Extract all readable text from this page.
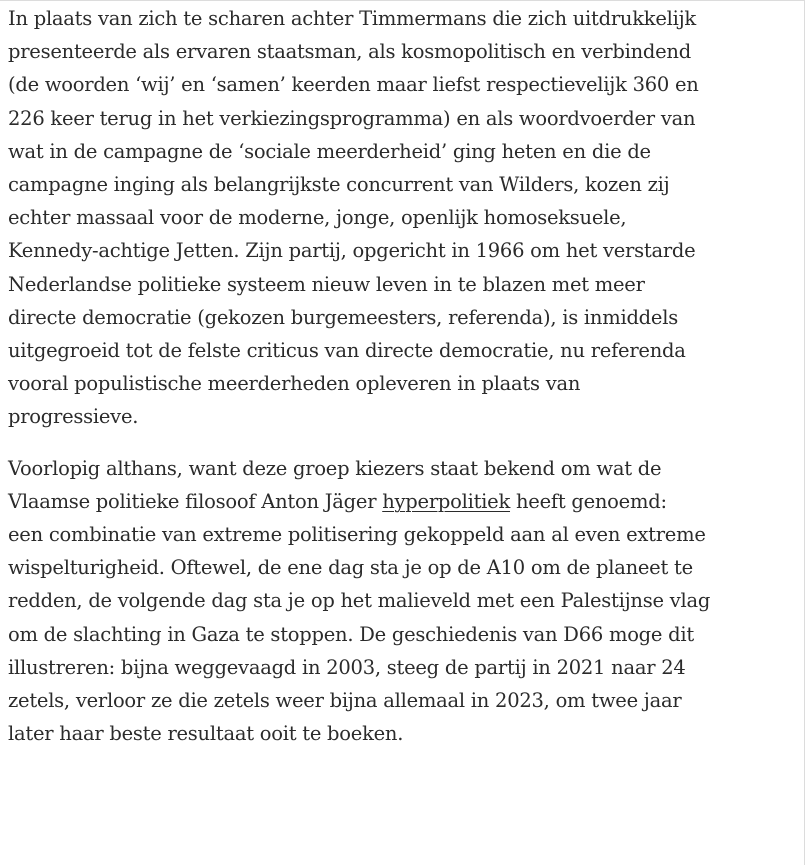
In plaats van zich te scharen achter Timmermans die zich uitdrukkelijk
presenteerde als ervaren staatsman, als kosmopolitisch en verbindend
(de woorden ‘wij’ en ‘samen’ keerden maar liefst respectievelijk 360 en
226 keer terug in het verkiezingsprogramma) en als woordvoerder van
wat in de campagne de ‘sociale meerderheid’ ging heten en die de
campagne inging als belangrijkste concurrent van Wilders, kozen zij
echter massaal voor de moderne, jonge, openlijk homoseksuele,
Kennedy-achtige Jetten. Zijn partij, opgericht in 1966 om het verstarde
Nederlandse politieke systeem nieuw leven in te blazen met meer
directe democratie (gekozen burgemeesters, referenda), is inmiddels
uitgegroeid tot de felste criticus van directe democratie, nu referenda
vooral populistische meerderheden opleveren in plaats van
progressieve.

Voorlopig althans, want deze groep kiezers staat bekend om wat de
Vlaamse politieke filosoof Anton Jäger hyperpolitiek heeft genoemd:
een combinatie van extreme politisering gekoppeld aan al even extreme
wispelturigheid. Oftewel, de ene dag sta je op de A10 om de planeet te
redden, de volgende dag sta je op het malieveld met een Palestijnse vlag
om de slachting in Gaza te stoppen. De geschiedenis van D66 moge dit
illustreren: bijna weggevaagd in 2003, steeg de partij in 2021 naar 24
zetels, verloor ze die zetels weer bijna allemaal in 2023, om twee jaar
later haar beste resultaat ooit te boeken.
